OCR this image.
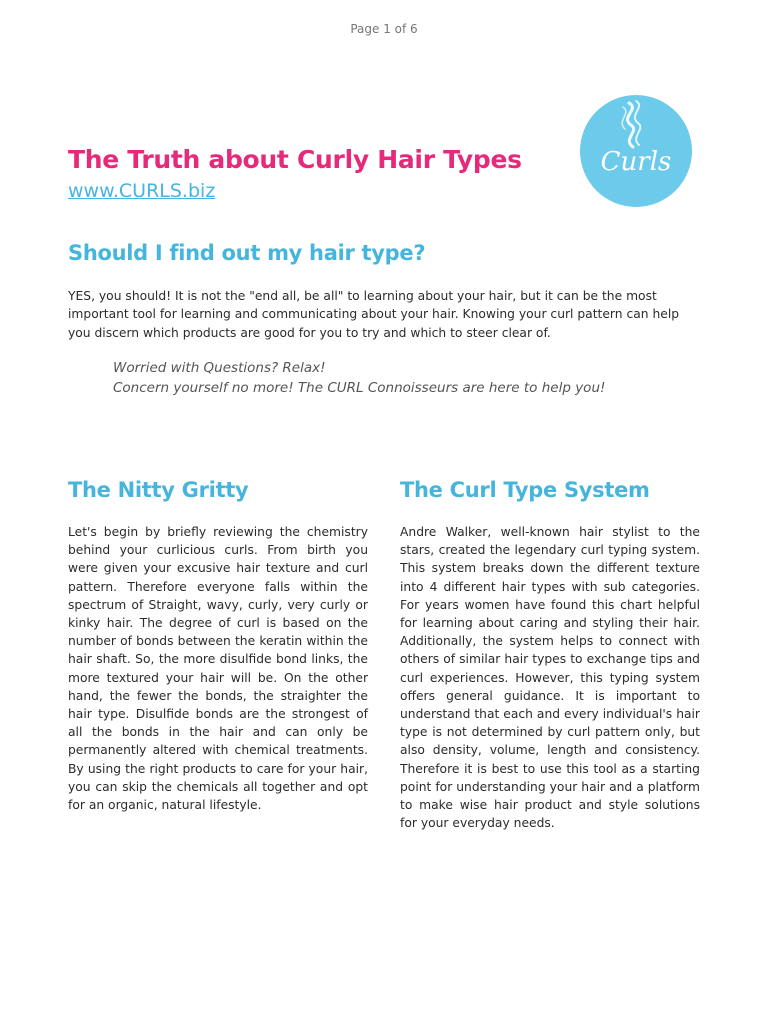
Page 1 of 6
Curls
The Truth about Curly Hair Types
www.CURLS.biz
Should I find out my hair type?

YES, you should! It is not the "end all, be all" to learning about your hair, but it can be the most important tool for learning and communicating about your hair. Knowing your curl pattern can help you discern which products are good for you to try and which to steer clear of.

Worried with Questions? Relax!
Concern yourself no more! The CURL Connoisseurs are here to help you!
The Nitty Gritty	The Curl Type System

Let's begin by briefly reviewing the chemistry behind your curlicious curls. From birth you were given your excusive hair texture and curl pattern. Therefore everyone falls within the spectrum of Straight, wavy, curly, very curly or kinky hair. The degree of curl is based on the number of bonds between the keratin within the hair shaft. So, the more disulfide bond links, the more textured your hair will be. On the other hand, the fewer the bonds, the straighter the hair type. Disulfide bonds are the strongest of all the bonds in the hair and can only be permanently altered with chemical treatments. By using the right products to care for your hair, you can skip the chemicals all together and opt for an organic, natural lifestyle.

Andre Walker, well-known hair stylist to the stars, created the legendary curl typing system. This system breaks down the different texture into 4 different hair types with sub categories. For years women have found this chart helpful for learning about caring and styling their hair. Additionally, the system helps to connect with others of similar hair types to exchange tips and curl experiences. However, this typing system offers general guidance. It is important to understand that each and every individual's hair type is not determined by curl pattern only, but also density, volume, length and consistency. Therefore it is best to use this tool as a starting point for understanding your hair and a platform to make wise hair product and style solutions for your everyday needs.
